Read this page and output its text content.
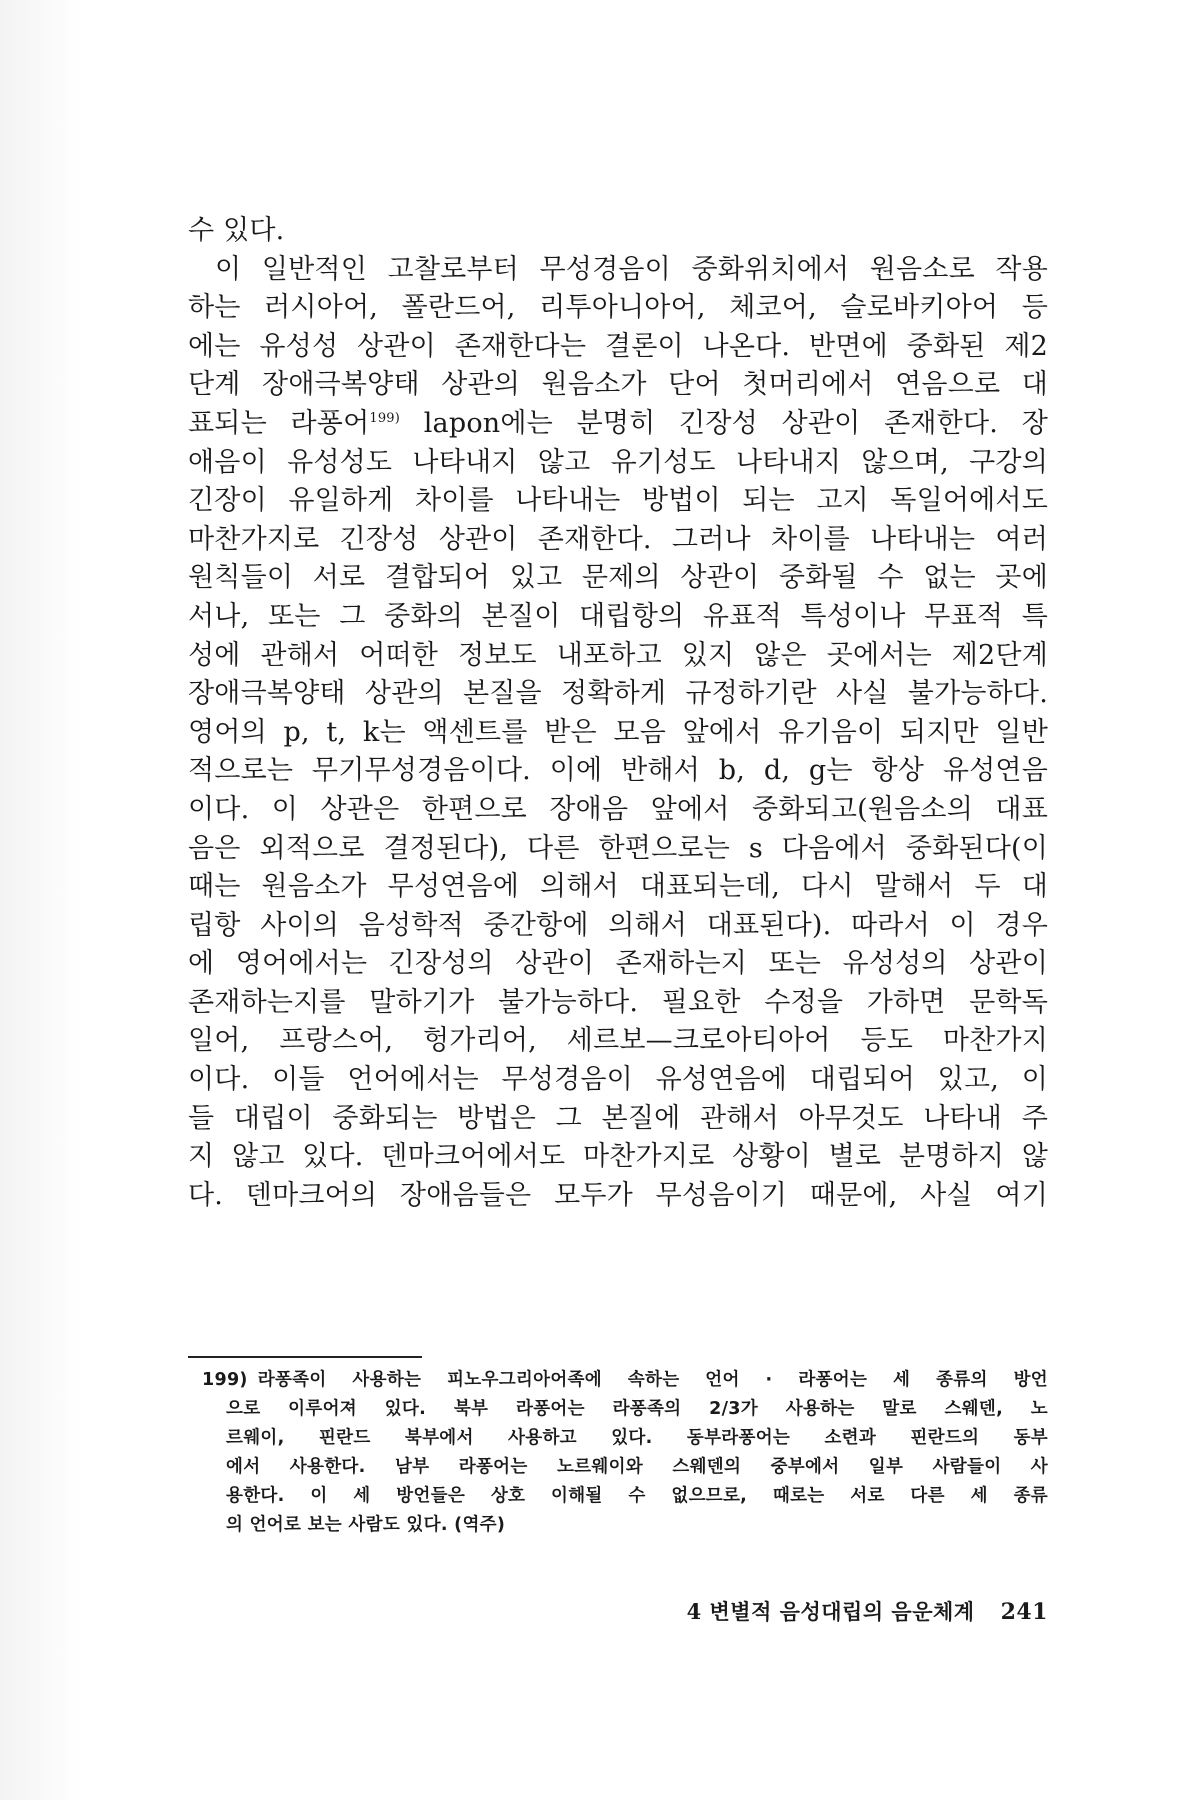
수 있다.
이 일반적인 고찰로부터 무성경음이 중화위치에서 원음소로 작용
하는 러시아어, 폴란드어, 리투아니아어, 체코어, 슬로바키아어 등
에는 유성성 상관이 존재한다는 결론이 나온다. 반면에 중화된 제2
단계 장애극복양태 상관의 원음소가 단어 첫머리에서 연음으로 대
표되는 라퐁어$^{199)}$ lapon에는 분명히 긴장성 상관이 존재한다. 장
애음이 유성성도 나타내지 않고 유기성도 나타내지 않으며, 구강의
긴장이 유일하게 차이를 나타내는 방법이 되는 고지 독일어에서도
마찬가지로 긴장성 상관이 존재한다. 그러나 차이를 나타내는 여러
원칙들이 서로 결합되어 있고 문제의 상관이 중화될 수 없는 곳에
서나, 또는 그 중화의 본질이 대립항의 유표적 특성이나 무표적 특
성에 관해서 어떠한 정보도 내포하고 있지 않은 곳에서는 제2단계
장애극복양태 상관의 본질을 정확하게 규정하기란 사실 불가능하다.
영어의 p, t, k는 액센트를 받은 모음 앞에서 유기음이 되지만 일반
적으로는 무기무성경음이다. 이에 반해서 b, d, g는 항상 유성연음
이다. 이 상관은 한편으로 장애음 앞에서 중화되고(원음소의 대표
음은 외적으로 결정된다), 다른 한편으로는 s 다음에서 중화된다(이
때는 원음소가 무성연음에 의해서 대표되는데, 다시 말해서 두 대
립항 사이의 음성학적 중간항에 의해서 대표된다). 따라서 이 경우
에 영어에서는 긴장성의 상관이 존재하는지 또는 유성성의 상관이
존재하는지를 말하기가 불가능하다. 필요한 수정을 가하면 문학독
일어, 프랑스어, 헝가리어, 세르보—크로아티아어 등도 마찬가지
이다. 이들 언어에서는 무성경음이 유성연음에 대립되어 있고, 이
들 대립이 중화되는 방법은 그 본질에 관해서 아무것도 나타내 주
지 않고 있다. 덴마크어에서도 마찬가지로 상황이 별로 분명하지 않
다. 덴마크어의 장애음들은 모두가 무성음이기 때문에, 사실 여기
199) 라퐁족이 사용하는 피노우그리아어족에 속하는 언어 · 라퐁어는 세 종류의 방언
으로 이루어져 있다. 북부 라퐁어는 라퐁족의 2/3가 사용하는 말로 스웨덴, 노
르웨이, 핀란드 북부에서 사용하고 있다. 동부라퐁어는 소련과 핀란드의 동부
에서 사용한다. 남부 라퐁어는 노르웨이와 스웨덴의 중부에서 일부 사람들이 사
용한다. 이 세 방언들은 상호 이해될 수 없으므로, 때로는 서로 다른 세 종류
의 언어로 보는 사람도 있다. (역주)
4 변별적 음성대립의 음운체계 241
